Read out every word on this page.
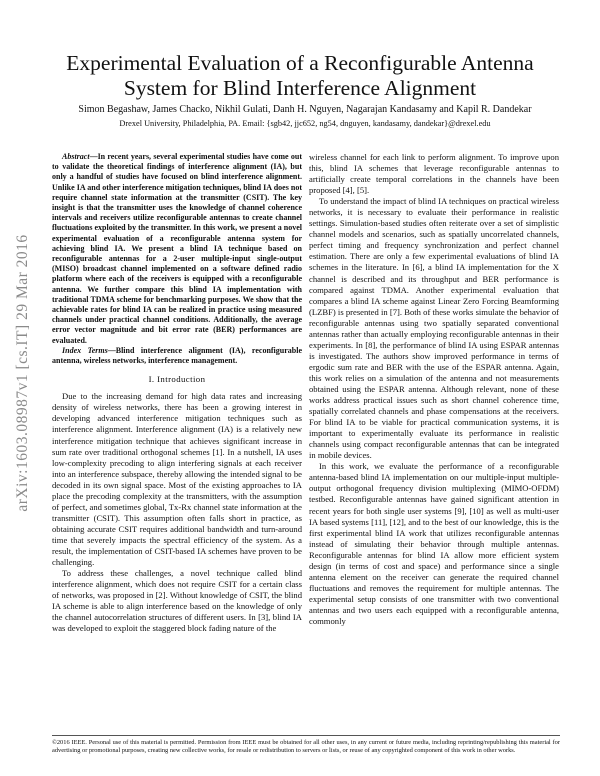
arXiv:1603.08987v1 [cs.IT] 29 Mar 2016
Experimental Evaluation of a Reconfigurable Antenna System for Blind Interference Alignment
Simon Begashaw, James Chacko, Nikhil Gulati, Danh H. Nguyen, Nagarajan Kandasamy and Kapil R. Dandekar
Drexel University, Philadelphia, PA. Email: {sgb42, jjc652, ng54, dnguyen, kandasamy, dandekar}@drexel.edu

Abstract—In recent years, several experimental studies have come out to validate the theoretical findings of interference alignment (IA), but only a handful of studies have focused on blind interference alignment. Unlike IA and other interference mitigation techniques, blind IA does not require channel state information at the transmitter (CSIT). The key insight is that the transmitter uses the knowledge of channel coherence intervals and receivers utilize reconfigurable antennas to create channel fluctuations exploited by the transmitter. In this work, we present a novel experimental evaluation of a reconfigurable antenna system for achieving blind IA. We present a blind IA technique based on reconfigurable antennas for a 2-user multiple-input single-output (MISO) broadcast channel implemented on a software defined radio platform where each of the receivers is equipped with a reconfigurable antenna. We further compare this blind IA implementation with traditional TDMA scheme for benchmarking purposes. We show that the achievable rates for blind IA can be realized in practice using measured channels under practical channel conditions. Additionally, the average error vector magnitude and bit error rate (BER) performances are evaluated.

Index Terms—Blind interference alignment (IA), reconfigurable antenna, wireless networks, interference management.

I. Introduction

Due to the increasing demand for high data rates and increasing density of wireless networks, there has been a growing interest in developing advanced interference mitigation techniques such as interference alignment. Interference alignment (IA) is a relatively new interference mitigation technique that achieves significant increase in sum rate over traditional orthogonal schemes [1]. In a nutshell, IA uses low-complexity precoding to align interfering signals at each receiver into an interference subspace, thereby allowing the intended signal to be decoded in its own signal space. Most of the existing approaches to IA place the precoding complexity at the transmitters, with the assumption of perfect, and sometimes global, Tx-Rx channel state information at the transmitter (CSIT). This assumption often falls short in practice, as obtaining accurate CSIT requires additional bandwidth and turn-around time that severely impacts the spectral efficiency of the system. As a result, the implementation of CSIT-based IA schemes have proven to be challenging.

To address these challenges, a novel technique called blind interference alignment, which does not require CSIT for a certain class of networks, was proposed in [2]. Without knowledge of CSIT, the blind IA scheme is able to align interference based on the knowledge of only the channel autocorrelation structures of different users. In [3], blind IA was developed to exploit the staggered block fading nature of the

wireless channel for each link to perform alignment. To improve upon this, blind IA schemes that leverage reconfigurable antennas to artificially create temporal correlations in the channels have been proposed [4], [5].

To understand the impact of blind IA techniques on practical wireless networks, it is necessary to evaluate their performance in realistic settings. Simulation-based studies often reiterate over a set of simplistic channel models and scenarios, such as spatially uncorrelated channels, perfect timing and frequency synchronization and perfect channel estimation. There are only a few experimental evaluations of blind IA schemes in the literature. In [6], a blind IA implementation for the X channel is described and its throughput and BER performance is compared against TDMA. Another experimental evaluation that compares a blind IA scheme against Linear Zero Forcing Beamforming (LZBF) is presented in [7]. Both of these works simulate the behavior of reconfigurable antennas using two spatially separated conventional antennas rather than actually employing reconfigurable antennas in their experiments. In [8], the performance of blind IA using ESPAR antennas is investigated. The authors show improved performance in terms of ergodic sum rate and BER with the use of the ESPAR antenna. Again, this work relies on a simulation of the antenna and not measurements obtained using the ESPAR antenna. Although relevant, none of these works address practical issues such as short channel coherence time, spatially correlated channels and phase compensations at the receivers. For blind IA to be viable for practical communication systems, it is important to experimentally evaluate its performance in realistic channels using compact reconfigurable antennas that can be integrated in mobile devices.

In this work, we evaluate the performance of a reconfigurable antenna-based blind IA implementation on our multiple-input multiple-output orthogonal frequency division multiplexing (MIMO-OFDM) testbed. Reconfigurable antennas have gained significant attention in recent years for both single user systems [9], [10] as well as multi-user IA based systems [11], [12], and to the best of our knowledge, this is the first experimental blind IA work that utilizes reconfigurable antennas instead of simulating their behavior through multiple antennas. Reconfigurable antennas for blind IA allow more efficient system design (in terms of cost and space) and performance since a single antenna element on the receiver can generate the required channel fluctuations and removes the requirement for multiple antennas. The experimental setup consists of one transmitter with two conventional antennas and two users each equipped with a reconfigurable antenna, commonly

©2016 IEEE. Personal use of this material is permitted. Permission from IEEE must be obtained for all other uses, in any current or future media, including reprinting/republishing this material for advertising or promotional purposes, creating new collective works, for resale or redistribution to servers or lists, or reuse of any copyrighted component of this work in other works.
